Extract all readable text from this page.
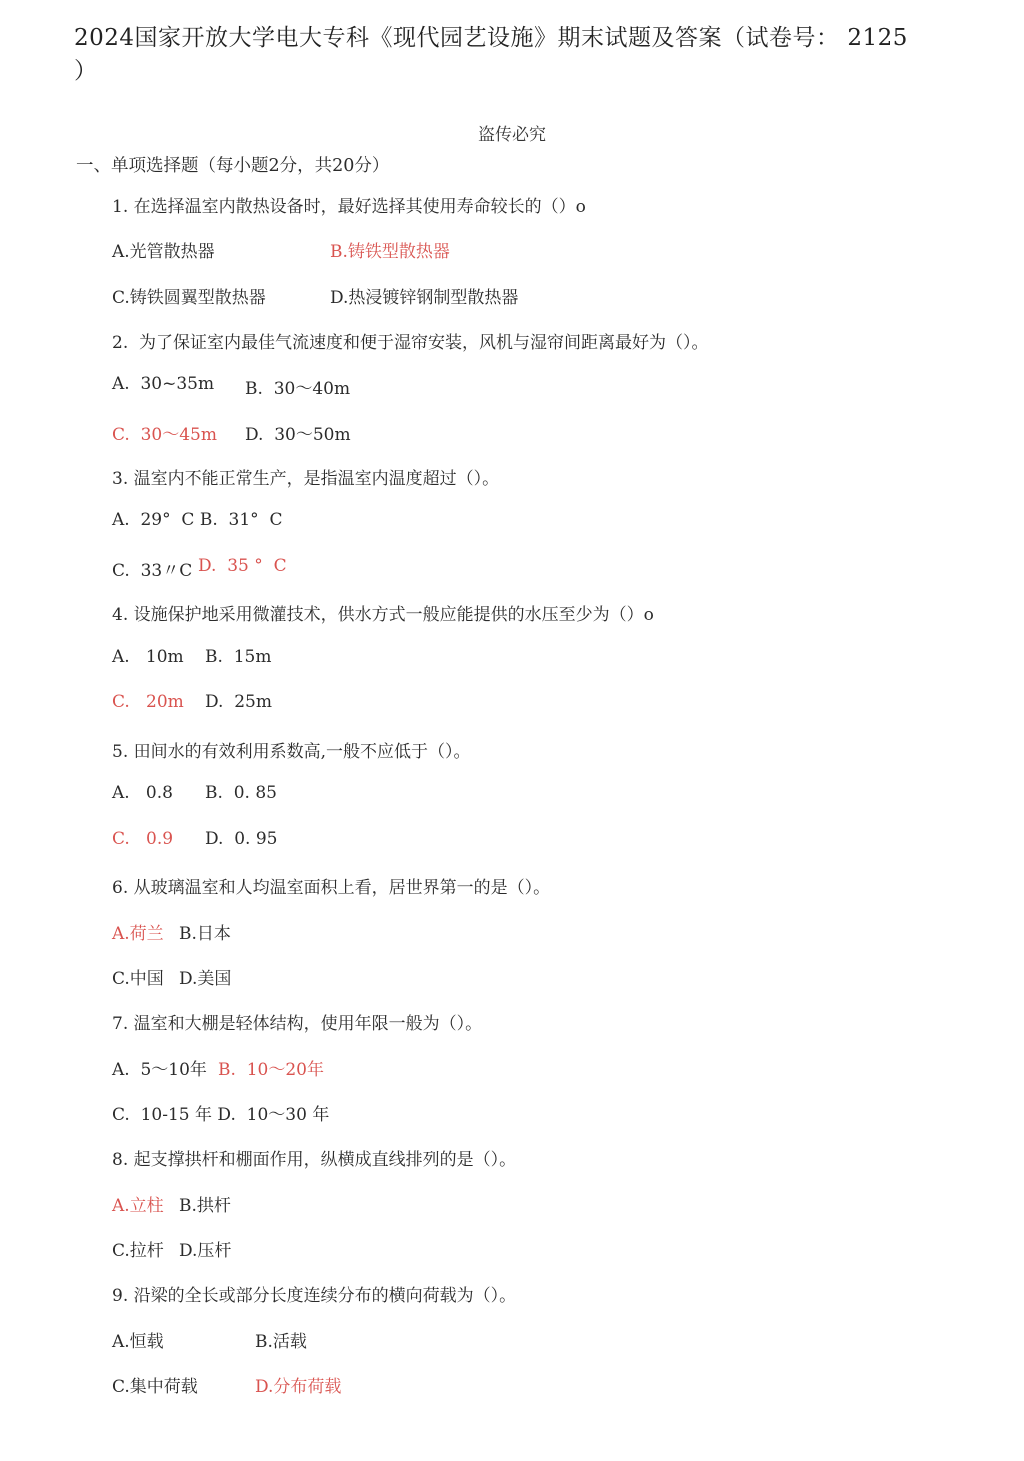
2024国家开放大学电大专科《现代园艺设施》期末试题及答案（试卷号： 2125
）
盗传必究
一、单项选择题（每小题2分，共20分）
1. 在选择温室内散热设备时，最好选择其使用寿命较长的（）o
A.光管散热器	B.铸铁型散热器
C.铸铁圆翼型散热器	D.热浸镀锌钢制型散热器
2.  为了保证室内最佳气流速度和便于湿帘安装，风机与湿帘间距离最好为（）。
A.  30~35m B.  30～40m
C.  30～45m D.  30～50m
3. 温室内不能正常生产，是指温室内温度超过（）。
A.  29°  C B.  31°  C
C.  33〃C D.  35 °  C
4. 设施保护地采用微灌技术，供水方式一般应能提供的水压至少为（）o
A.   10m B.  15m
C.   20m D.  25m
5. 田间水的有效利用系数高,一般不应低于（）。
A.   0.8 B.  0. 85
C.   0.9 D.  0. 95
6. 从玻璃温室和人均温室面积上看，居世界第一的是（）。
A.荷兰 B.日本
C.中国 D.美国
7. 温室和大棚是轻体结构，使用年限一般为（）。
A.  5～10年 B.  10～20年
C.  10-15 年 D.  10～30 年
8. 起支撑拱杆和棚面作用，纵横成直线排列的是（）。
A.立柱 B.拱杆
C.拉杆 D.压杆
9. 沿梁的全长或部分长度连续分布的横向荷载为（）。
A.恒载	B.活载
C.集中荷载	D.分布荷载
